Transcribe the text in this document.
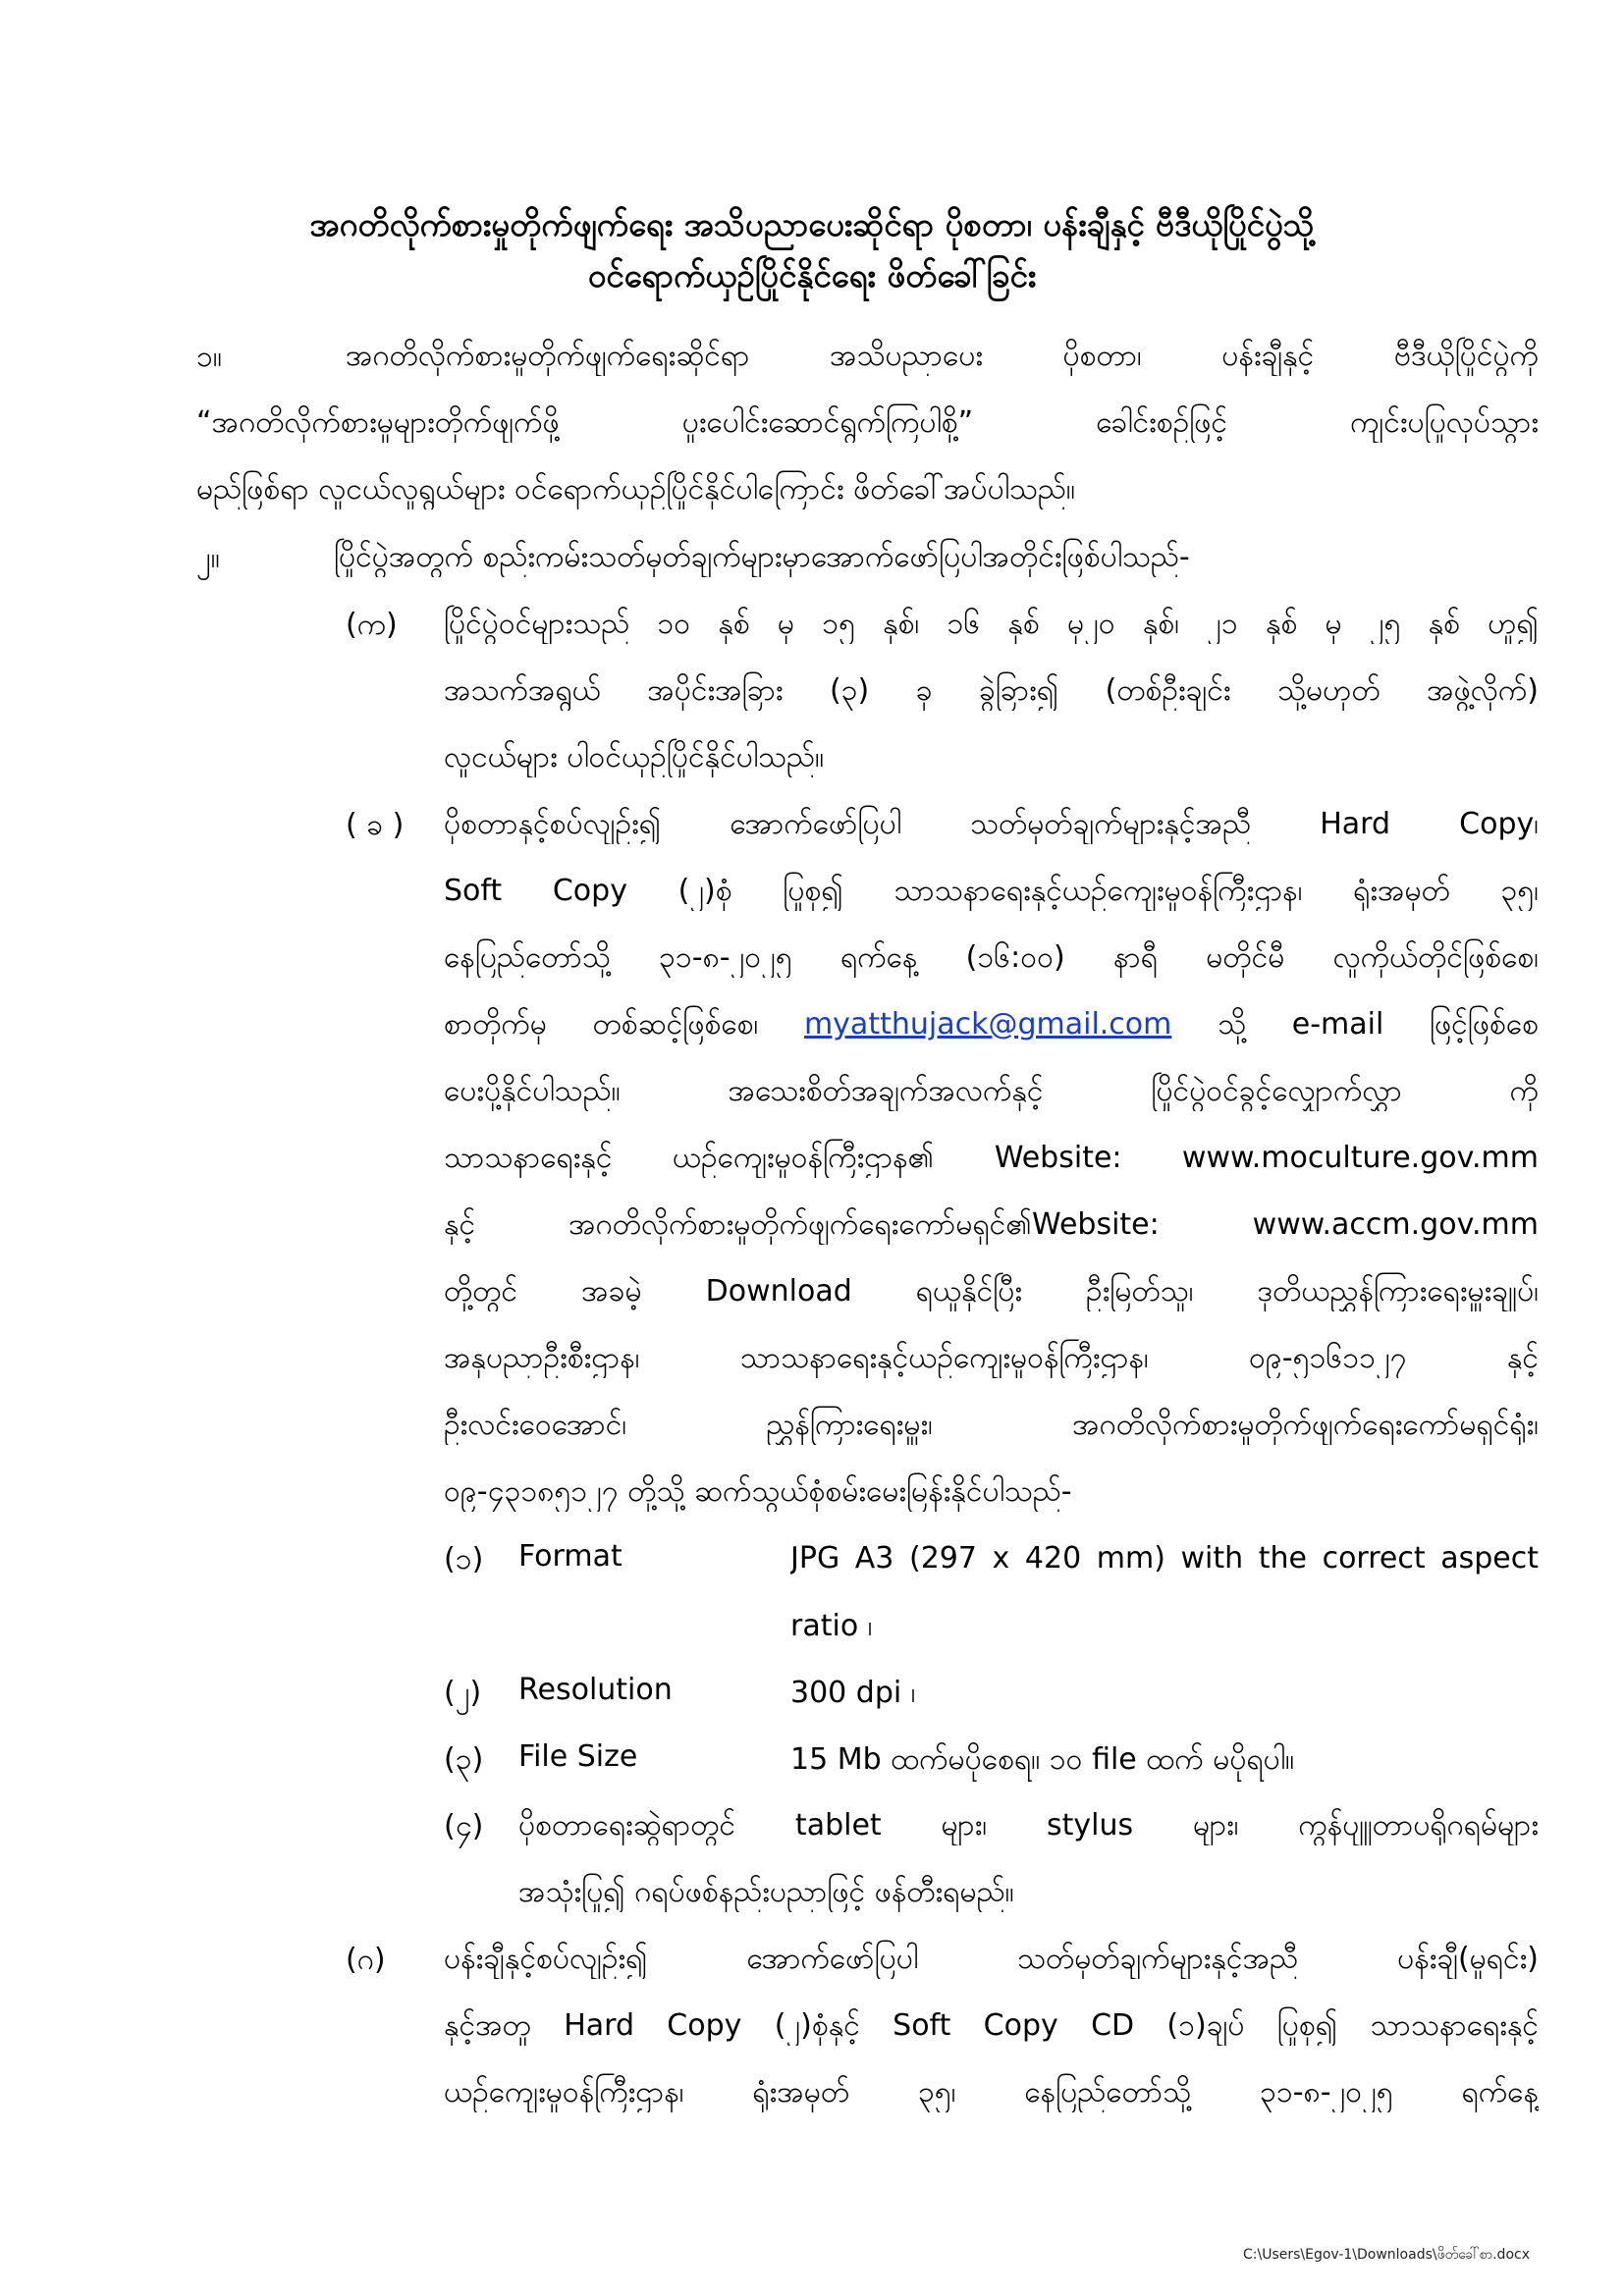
အဂတိလိုက်စားမှုတိုက်ဖျက်ရေး အသိပညာပေးဆိုင်ရာ ပိုစတာ၊ ပန်းချီနှင့် ဗီဒီယိုပြိုင်ပွဲသို့
ဝင်ရောက်ယှဉ်ပြိုင်နိုင်ရေး ဖိတ်ခေါ်ခြင်း
၁။	အဂတိလိုက်စားမှုတိုက်ဖျက်ရေးဆိုင်ရာ အသိပညာပေး ပိုစတာ၊ ပန်းချီနှင့် ဗီဒီယိုပြိုင်ပွဲကို
“အဂတိလိုက်စားမှုများတိုက်ဖျက်ဖို့ ပူးပေါင်းဆောင်ရွက်ကြပါစို့” ခေါင်းစဉ်ဖြင့် ကျင်းပပြုလုပ်သွား
မည်ဖြစ်ရာ လူငယ်လူရွယ်များ ဝင်ရောက်ယှဉ်ပြိုင်နိုင်ပါကြောင်း ဖိတ်ခေါ်အပ်ပါသည်။
၂။	ပြိုင်ပွဲအတွက် စည်းကမ်းသတ်မှတ်ချက်များမှာအောက်ဖော်ပြပါအတိုင်းဖြစ်ပါသည်-
(က) ပြိုင်ပွဲဝင်များသည် ၁၀ နှစ် မှ ၁၅ နှစ်၊ ၁၆ နှစ် မှ၂၀ နှစ်၊ ၂၁ နှစ် မှ ၂၅ နှစ် ဟူ၍
အသက်အရွယ် အပိုင်းအခြား (၃) ခု ခွဲခြား၍ (တစ်ဦးချင်း သို့မဟုတ် အဖွဲ့လိုက်)
လူငယ်များ ပါဝင်ယှဉ်ပြိုင်နိုင်ပါသည်။
( ခ ) ပိုစတာနှင့်စပ်လျဉ်း၍ အောက်ဖော်ပြပါ သတ်မှတ်ချက်များနှင့်အညီ Hard Copy၊
Soft Copy (၂)စုံ ပြုစု၍ သာသနာရေးနှင့်ယဉ်ကျေးမှုဝန်ကြီးဌာန၊ ရုံးအမှတ် ၃၅၊
နေပြည်တော်သို့ ၃၁-၈-၂၀၂၅ ရက်နေ့ (၁၆:၀၀) နာရီ မတိုင်မီ လူကိုယ်တိုင်ဖြစ်စေ၊
စာတိုက်မှ တစ်ဆင့်ဖြစ်စေ၊ myatthujack@gmail.com သို့ e-mail ဖြင့်ဖြစ်စေ
ပေးပို့နိုင်ပါသည်။ အသေးစိတ်အချက်အလက်နှင့် ပြိုင်ပွဲဝင်ခွင့်လျှောက်လွှာ ကို
သာသနာရေးနှင့် ယဉ်ကျေးမှုဝန်ကြီးဌာန၏ Website: www.moculture.gov.mm
နှင့် အဂတိလိုက်စားမှုတိုက်ဖျက်ရေးကော်မရှင်၏Website: www.accm.gov.mm
တို့တွင် အခမဲ့ Download ရယူနိုင်ပြီး ဦးမြတ်သူ၊ ဒုတိယညွှန်ကြားရေးမှူးချုပ်၊
အနုပညာဦးစီးဌာန၊ သာသနာရေးနှင့်ယဉ်ကျေးမှုဝန်ကြီးဌာန၊ ၀၉-၅၁၆၁၁၂၇ နှင့်
ဦးလင်းဝေအောင်၊ ညွှန်ကြားရေးမှူး၊ အဂတိလိုက်စားမှုတိုက်ဖျက်ရေးကော်မရှင်ရုံး၊
၀၉-၄၃၁၈၅၁၂၇ တို့သို့ ဆက်သွယ်စုံစမ်းမေးမြန်းနိုင်ပါသည်-
(၁) Format	JPG A3 (297 x 420 mm) with the correct aspect
ratio ၊
(၂) Resolution	300 dpi ၊
(၃) File Size	15 Mb ထက်မပိုစေရ။ ၁၀ file ထက် မပိုရပါ။
(၄) ပိုစတာရေးဆွဲရာတွင် tablet များ၊ stylus များ၊ ကွန်ပျူတာပရိုဂရမ်များ
အသုံးပြု၍ ဂရပ်ဖစ်နည်းပညာဖြင့် ဖန်တီးရမည်။
(ဂ) ပန်းချီနှင့်စပ်လျဉ်း၍ အောက်ဖော်ပြပါ သတ်မှတ်ချက်များနှင့်အညီ ပန်းချီ(မူရင်း)
နှင့်အတူ Hard Copy (၂)စုံနှင့် Soft Copy CD (၁)ချပ် ပြုစု၍ သာသနာရေးနှင့်
ယဉ်ကျေးမှုဝန်ကြီးဌာန၊ ရုံးအမှတ် ၃၅၊ နေပြည်တော်သို့ ၃၁-၈-၂၀၂၅ ရက်နေ့
C:\Users\Egov-1\Downloads\ဖိတ်ခေါ်စာ.docx
